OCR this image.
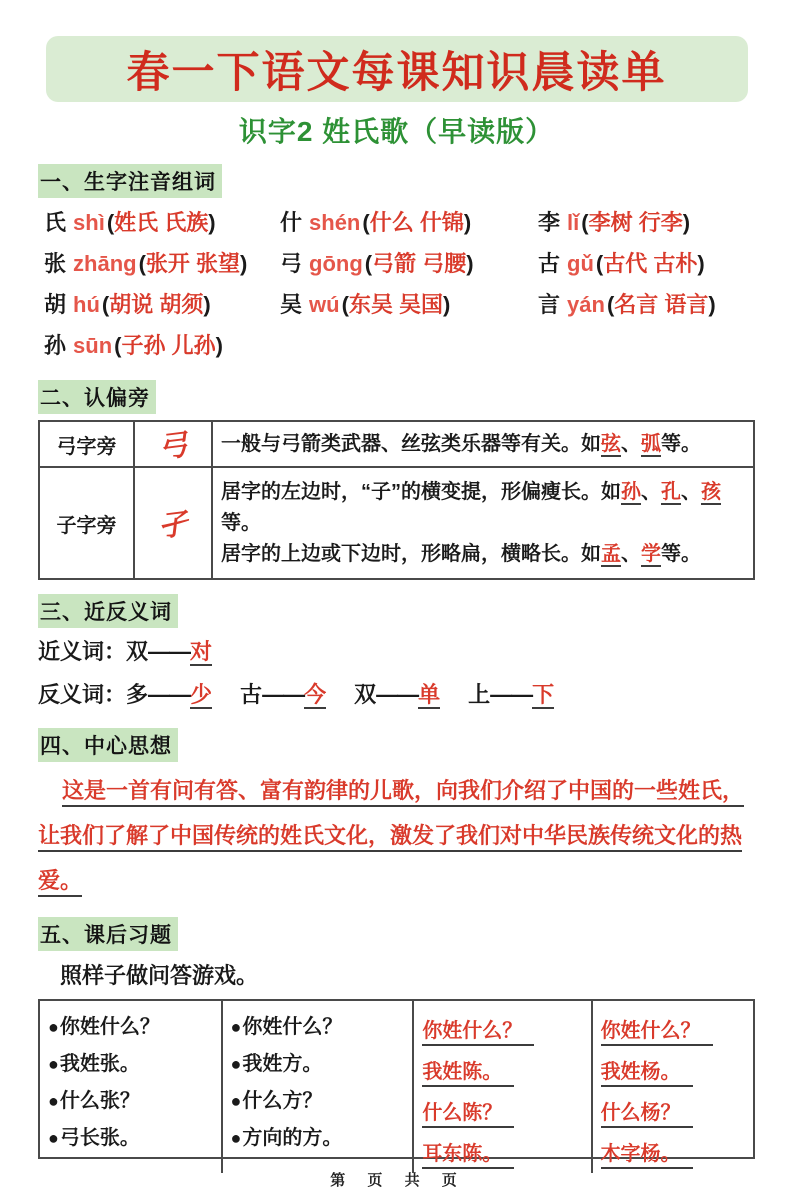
春一下语文每课知识晨读单
识字2 姓氏歌（早读版）
一、生字注音组词
氏 shì(姓氏 氏族)	什 shén(什么 什锦)	李 lǐ(李树 行李)
张 zhāng(张开 张望)	弓 gōng(弓箭 弓腰)	古 gǔ(古代 古朴)
胡 hú(胡说 胡须)	吴 wú(东吴 吴国)	言 yán(名言 语言)
孙 sūn(子孙 儿孙)
二、认偏旁
弓字旁	弓	一般与弓箭类武器、丝弦类乐器等有关。如弦、弧等。

子字旁	孑	居字的左边时，“子”的横变提，形偏瘦长。如孙、孔、孩等。
居字的上边或下边时，形略扁，横略长。如孟、学等。
三、近反义词
近义词：双——对
反义词：多——少 古——今 双——单 上——下
四、中心思想
这是一首有问有答、富有韵律的儿歌，向我们介绍了中国的一些姓氏，
让我们了解了中国传统的姓氏文化，激发了我们对中华民族传统文化的热
爱。
五、课后习题
照样子做问答游戏。
●你姓什么？
●我姓张。
●什么张？
●弓长张。
●你姓什么？
●我姓方。
●什么方？
●方向的方。
你姓什么？
我姓陈。
什么陈？
耳东陈。
你姓什么？
我姓杨。
什么杨？
木字杨。
第 页 共 页
